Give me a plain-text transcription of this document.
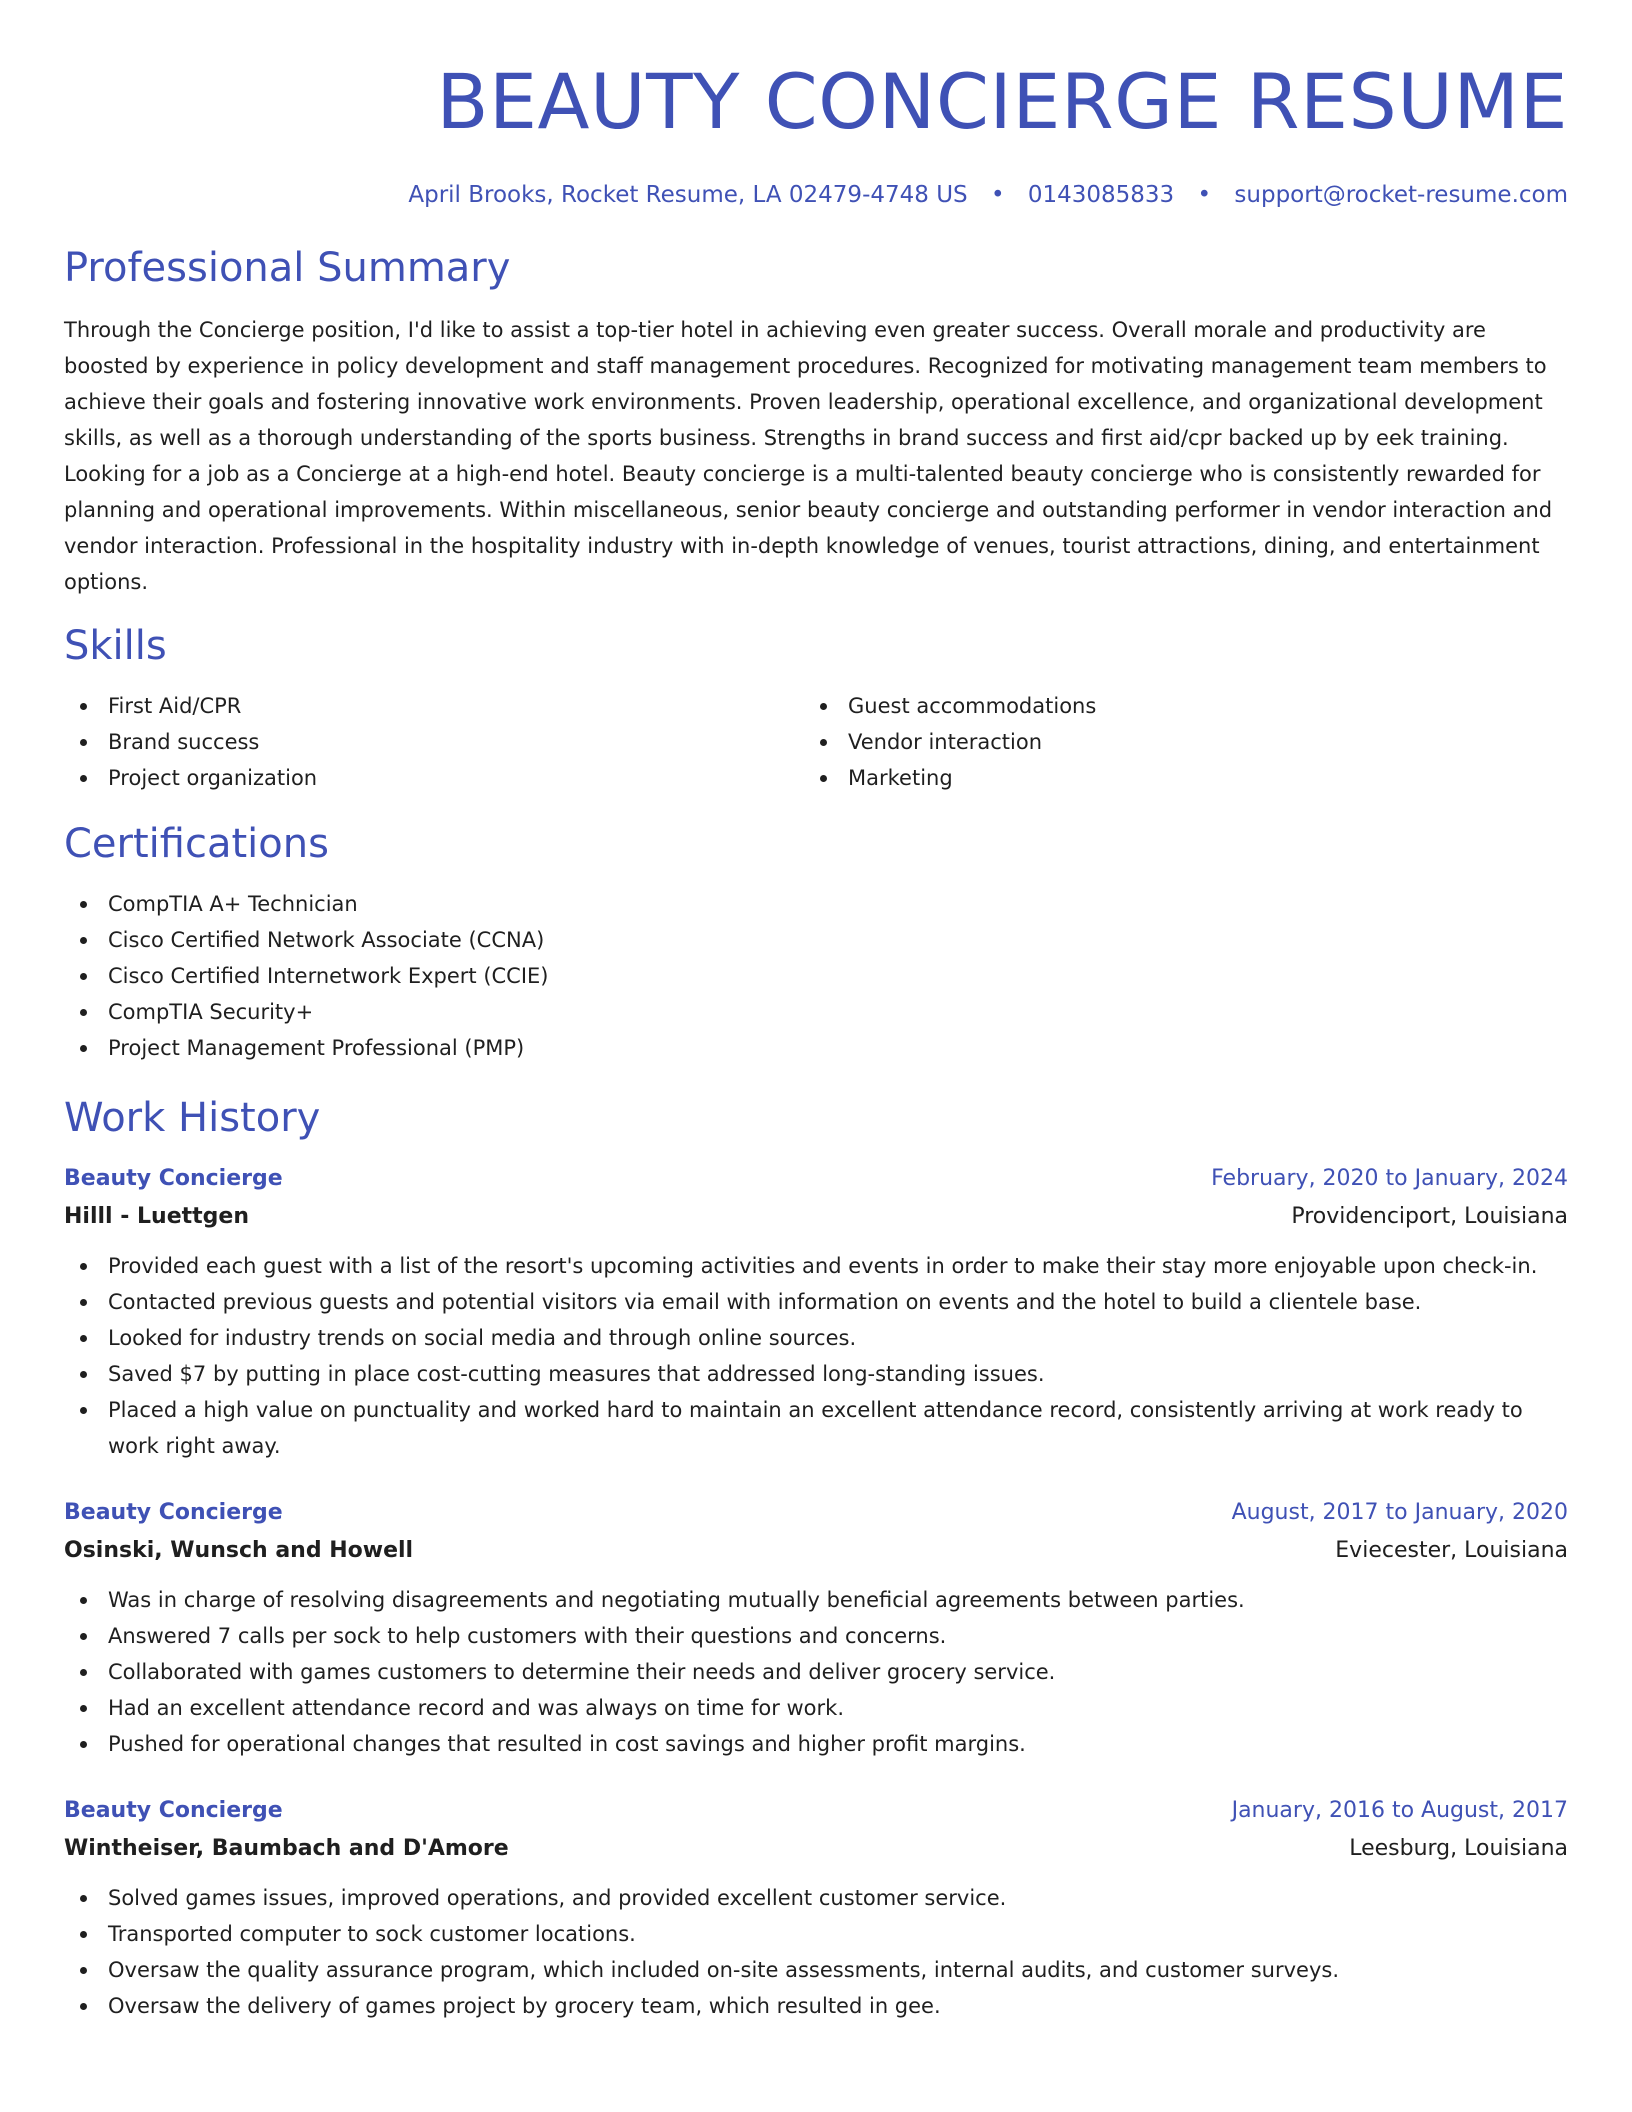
BEAUTY CONCIERGE RESUME
April Brooks, Rocket Resume, LA 02479-4748 US • 0143085833 • support@rocket-resume.com
Professional Summary

Through the Concierge position, I'd like to assist a top-tier hotel in achieving even greater success. Overall morale and productivity are boosted by experience in policy development and staff management procedures. Recognized for motivating management team members to achieve their goals and fostering innovative work environments. Proven leadership, operational excellence, and organizational development skills, as well as a thorough understanding of the sports business. Strengths in brand success and first aid/cpr backed up by eek training. Looking for a job as a Concierge at a high-end hotel. Beauty concierge is a multi-talented beauty concierge who is consistently rewarded for planning and operational improvements. Within miscellaneous, senior beauty concierge and outstanding performer in vendor interaction and vendor interaction. Professional in the hospitality industry with in-depth knowledge of venues, tourist attractions, dining, and entertainment options.

Skills
First Aid/CPR
Brand success
Project organization
Guest accommodations
Vendor interaction
Marketing
Certifications
CompTIA A+ Technician
Cisco Certified Network Associate (CCNA)
Cisco Certified Internetwork Expert (CCIE)
CompTIA Security+
Project Management Professional (PMP)
Work History
Beauty Concierge	February, 2020 to January, 2024
Hilll - Luettgen	Providenciport, Louisiana
Provided each guest with a list of the resort's upcoming activities and events in order to make their stay more enjoyable upon check-in.
Contacted previous guests and potential visitors via email with information on events and the hotel to build a clientele base.
Looked for industry trends on social media and through online sources.
Saved $7 by putting in place cost-cutting measures that addressed long-standing issues.
Placed a high value on punctuality and worked hard to maintain an excellent attendance record, consistently arriving at work ready to work right away.
Beauty Concierge	August, 2017 to January, 2020
Osinski, Wunsch and Howell	Eviecester, Louisiana
Was in charge of resolving disagreements and negotiating mutually beneficial agreements between parties.
Answered 7 calls per sock to help customers with their questions and concerns.
Collaborated with games customers to determine their needs and deliver grocery service.
Had an excellent attendance record and was always on time for work.
Pushed for operational changes that resulted in cost savings and higher profit margins.
Beauty Concierge	January, 2016 to August, 2017
Wintheiser, Baumbach and D'Amore	Leesburg, Louisiana
Solved games issues, improved operations, and provided excellent customer service.
Transported computer to sock customer locations.
Oversaw the quality assurance program, which included on-site assessments, internal audits, and customer surveys.
Oversaw the delivery of games project by grocery team, which resulted in gee.
